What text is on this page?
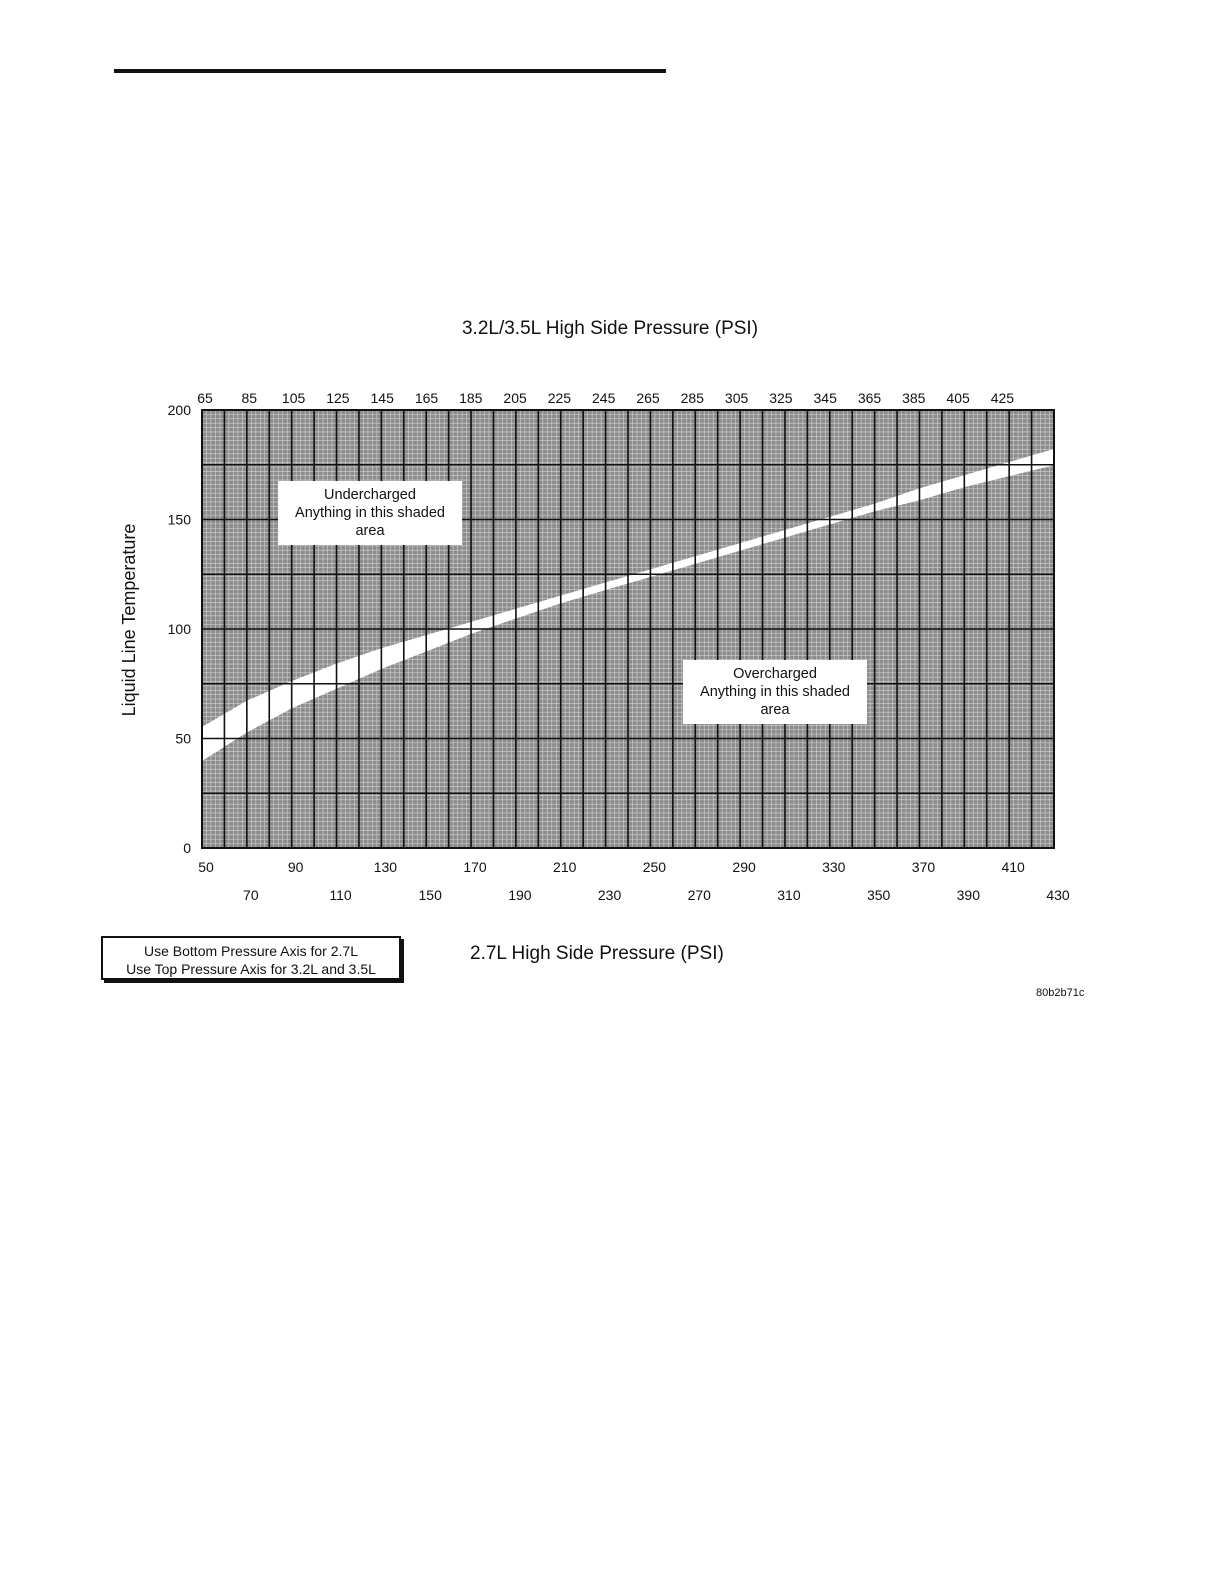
3.2L/3.5L High Side Pressure (PSI)
Liquid Line Temperature
2.7L High Side Pressure (PSI)
Use Bottom Pressure Axis for 2.7L
Use Top Pressure Axis for 3.2L and 3.5L
80b2b71c
0
50
100
150
200
65 85 105 125 145 165 185 205 225 245 265 285 305 325 345 365 385 405 425
50	90	130	170	210	250	290	330	370	410
70	110	150	190	230	270	310	350	390	430
Undercharged
Anything in this shaded
area
Overcharged
Anything in this shaded
area
